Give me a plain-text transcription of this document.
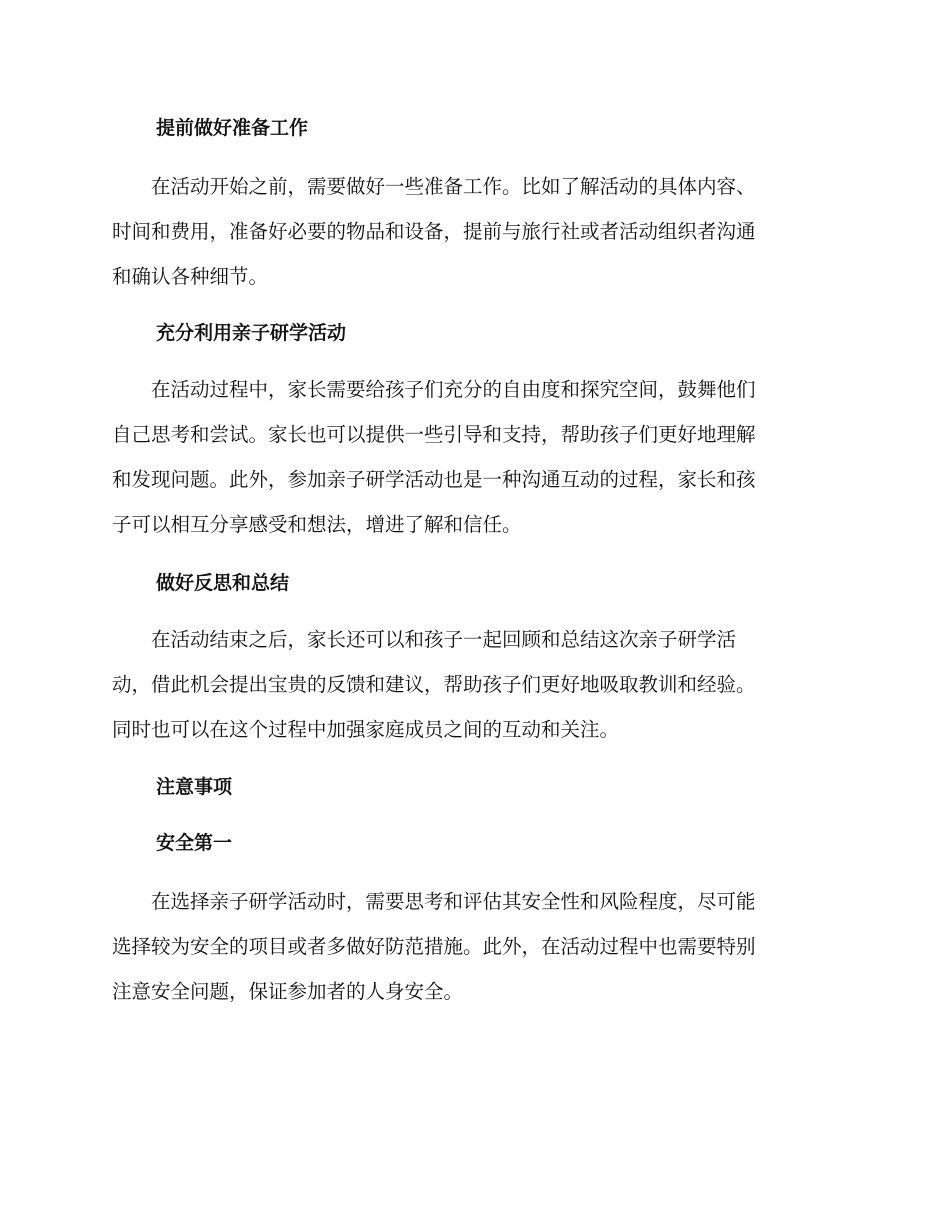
提前做好准备工作
　　在活动开始之前，需要做好一些准备工作。比如了解活动的具体内容、
时间和费用，准备好必要的物品和设备，提前与旅行社或者活动组织者沟通
和确认各种细节。
充分利用亲子研学活动
　　在活动过程中，家长需要给孩子们充分的自由度和探究空间，鼓舞他们
自己思考和尝试。家长也可以提供一些引导和支持，帮助孩子们更好地理解
和发现问题。此外，参加亲子研学活动也是一种沟通互动的过程，家长和孩
子可以相互分享感受和想法，增进了解和信任。
做好反思和总结
　　在活动结束之后，家长还可以和孩子一起回顾和总结这次亲子研学活
动，借此机会提出宝贵的反馈和建议，帮助孩子们更好地吸取教训和经验。
同时也可以在这个过程中加强家庭成员之间的互动和关注。
注意事项
安全第一
　　在选择亲子研学活动时，需要思考和评估其安全性和风险程度，尽可能
选择较为安全的项目或者多做好防范措施。此外，在活动过程中也需要特别
注意安全问题，保证参加者的人身安全。
